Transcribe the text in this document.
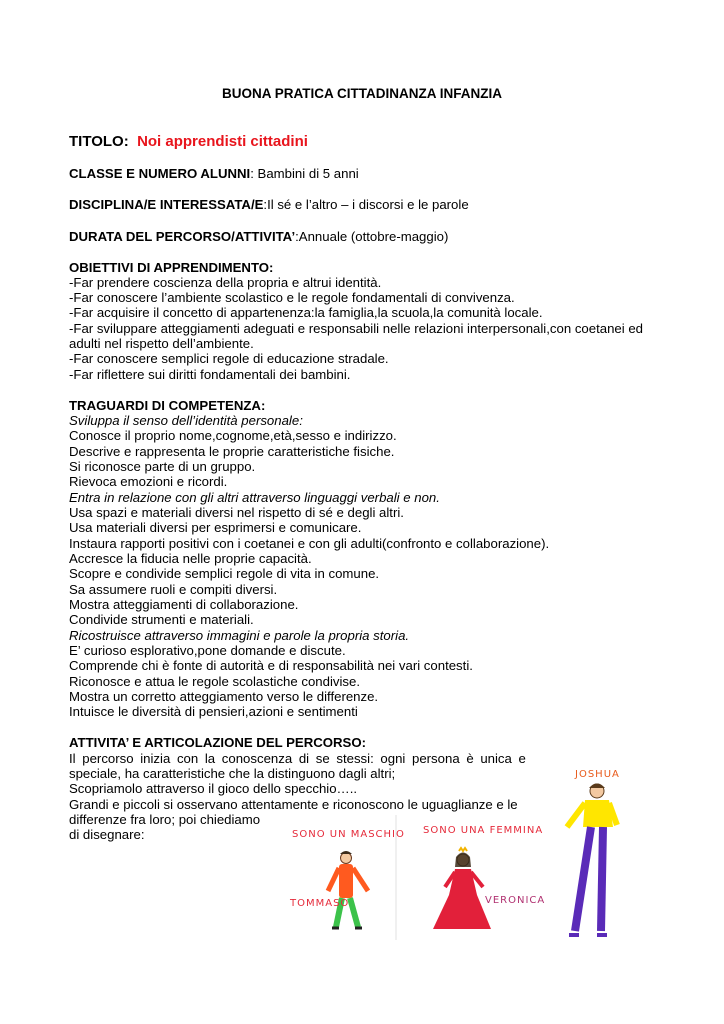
BUONA PRATICA CITTADINANZA INFANZIA
TITOLO: Noi apprendisti cittadini
CLASSE E NUMERO ALUNNI: Bambini di 5 anni
DISCIPLINA/E INTERESSATA/E:Il sé e l’altro – i discorsi e le parole
DURATA DEL PERCORSO/ATTIVITA’:Annuale (ottobre-maggio)
OBIETTIVI DI APPRENDIMENTO:
-Far prendere coscienza della propria e altrui identità.
-Far conoscere l’ambiente scolastico e le regole fondamentali di convivenza.
-Far acquisire il concetto di appartenenza:la famiglia,la scuola,la comunità locale.
-Far sviluppare atteggiamenti adeguati e responsabili nelle relazioni interpersonali,con coetanei ed
adulti nel rispetto dell’ambiente.
-Far conoscere semplici regole di educazione stradale.
-Far riflettere sui diritti fondamentali dei bambini.
TRAGUARDI DI COMPETENZA:
Sviluppa il senso dell’identità personale:
Conosce il proprio nome,cognome,età,sesso e indirizzo.
Descrive e rappresenta le proprie caratteristiche fisiche.
Si riconosce parte di un gruppo.
Rievoca emozioni e ricordi.
Entra in relazione con gli altri attraverso linguaggi verbali e non.
Usa spazi e materiali diversi nel rispetto di sé e degli altri.
Usa materiali diversi per esprimersi e comunicare.
Instaura rapporti positivi con i coetanei e con gli adulti(confronto e collaborazione).
Accresce la fiducia nelle proprie capacità.
Scopre e condivide semplici regole di vita in comune.
Sa assumere ruoli e compiti diversi.
Mostra atteggiamenti di collaborazione.
Condivide strumenti e materiali.
Ricostruisce attraverso immagini e parole la propria storia.
E’ curioso esplorativo,pone domande e discute.
Comprende chi è fonte di autorità e di responsabilità nei vari contesti.
Riconosce e attua le regole scolastiche condivise.
Mostra un corretto atteggiamento verso le differenze.
Intuisce le diversità di pensieri,azioni e sentimenti
ATTIVITA’ E ARTICOLAZIONE DEL PERCORSO:
Il percorso inizia con la conoscenza di se stessi: ogni persona è unica e
speciale, ha caratteristiche che la distinguono dagli altri;
Scopriamolo attraverso il gioco dello specchio…..
Grandi e piccoli si osservano attentamente e riconoscono le uguaglianze e le
differenze fra loro; poi chiediamo
di disegnare:	SONO UN MASCHIO
TOMMASO
SONO UNA FEMMINA
VERONICA
JOSHUA
